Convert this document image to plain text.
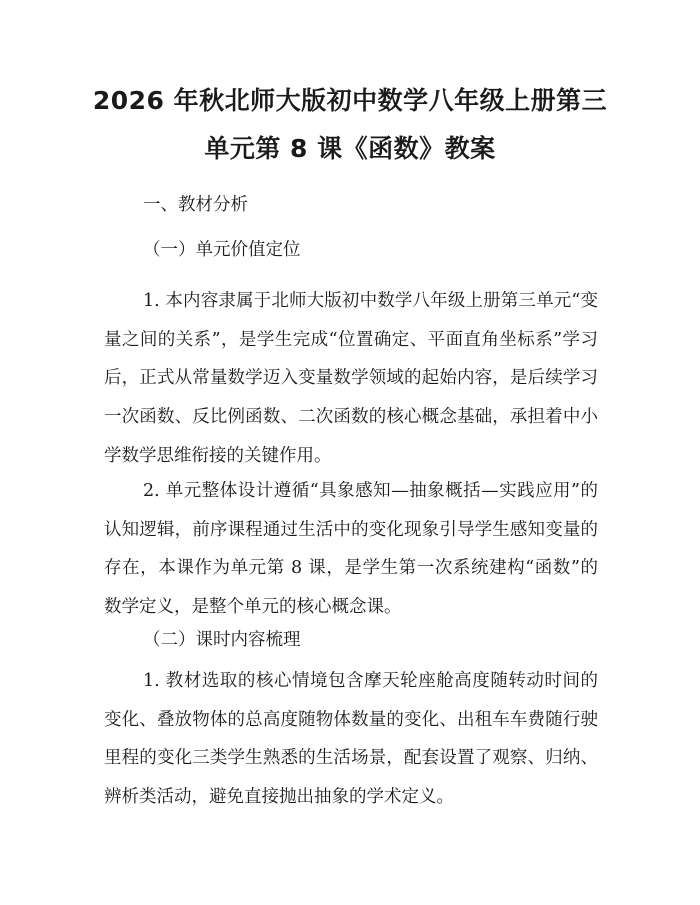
2026 年秋北师大版初中数学八年级上册第三
单元第 8 课《函数》教案

一、教材分析

（一）单元价值定位

1. 本内容隶属于北师大版初中数学八年级上册第三单元“变量之间的关系”，是学生完成“位置确定、平面直角坐标系”学习后，正式从常量数学迈入变量数学领域的起始内容，是后续学习一次函数、反比例函数、二次函数的核心概念基础，承担着中小学数学思维衔接的关键作用。

2. 单元整体设计遵循“具象感知—抽象概括—实践应用”的认知逻辑，前序课程通过生活中的变化现象引导学生感知变量的存在，本课作为单元第 8 课，是学生第一次系统建构“函数”的数学定义，是整个单元的核心概念课。

（二）课时内容梳理

1. 教材选取的核心情境包含摩天轮座舱高度随转动时间的变化、叠放物体的总高度随物体数量的变化、出租车车费随行驶里程的变化三类学生熟悉的生活场景，配套设置了观察、归纳、辨析类活动，避免直接抛出抽象的学术定义。
